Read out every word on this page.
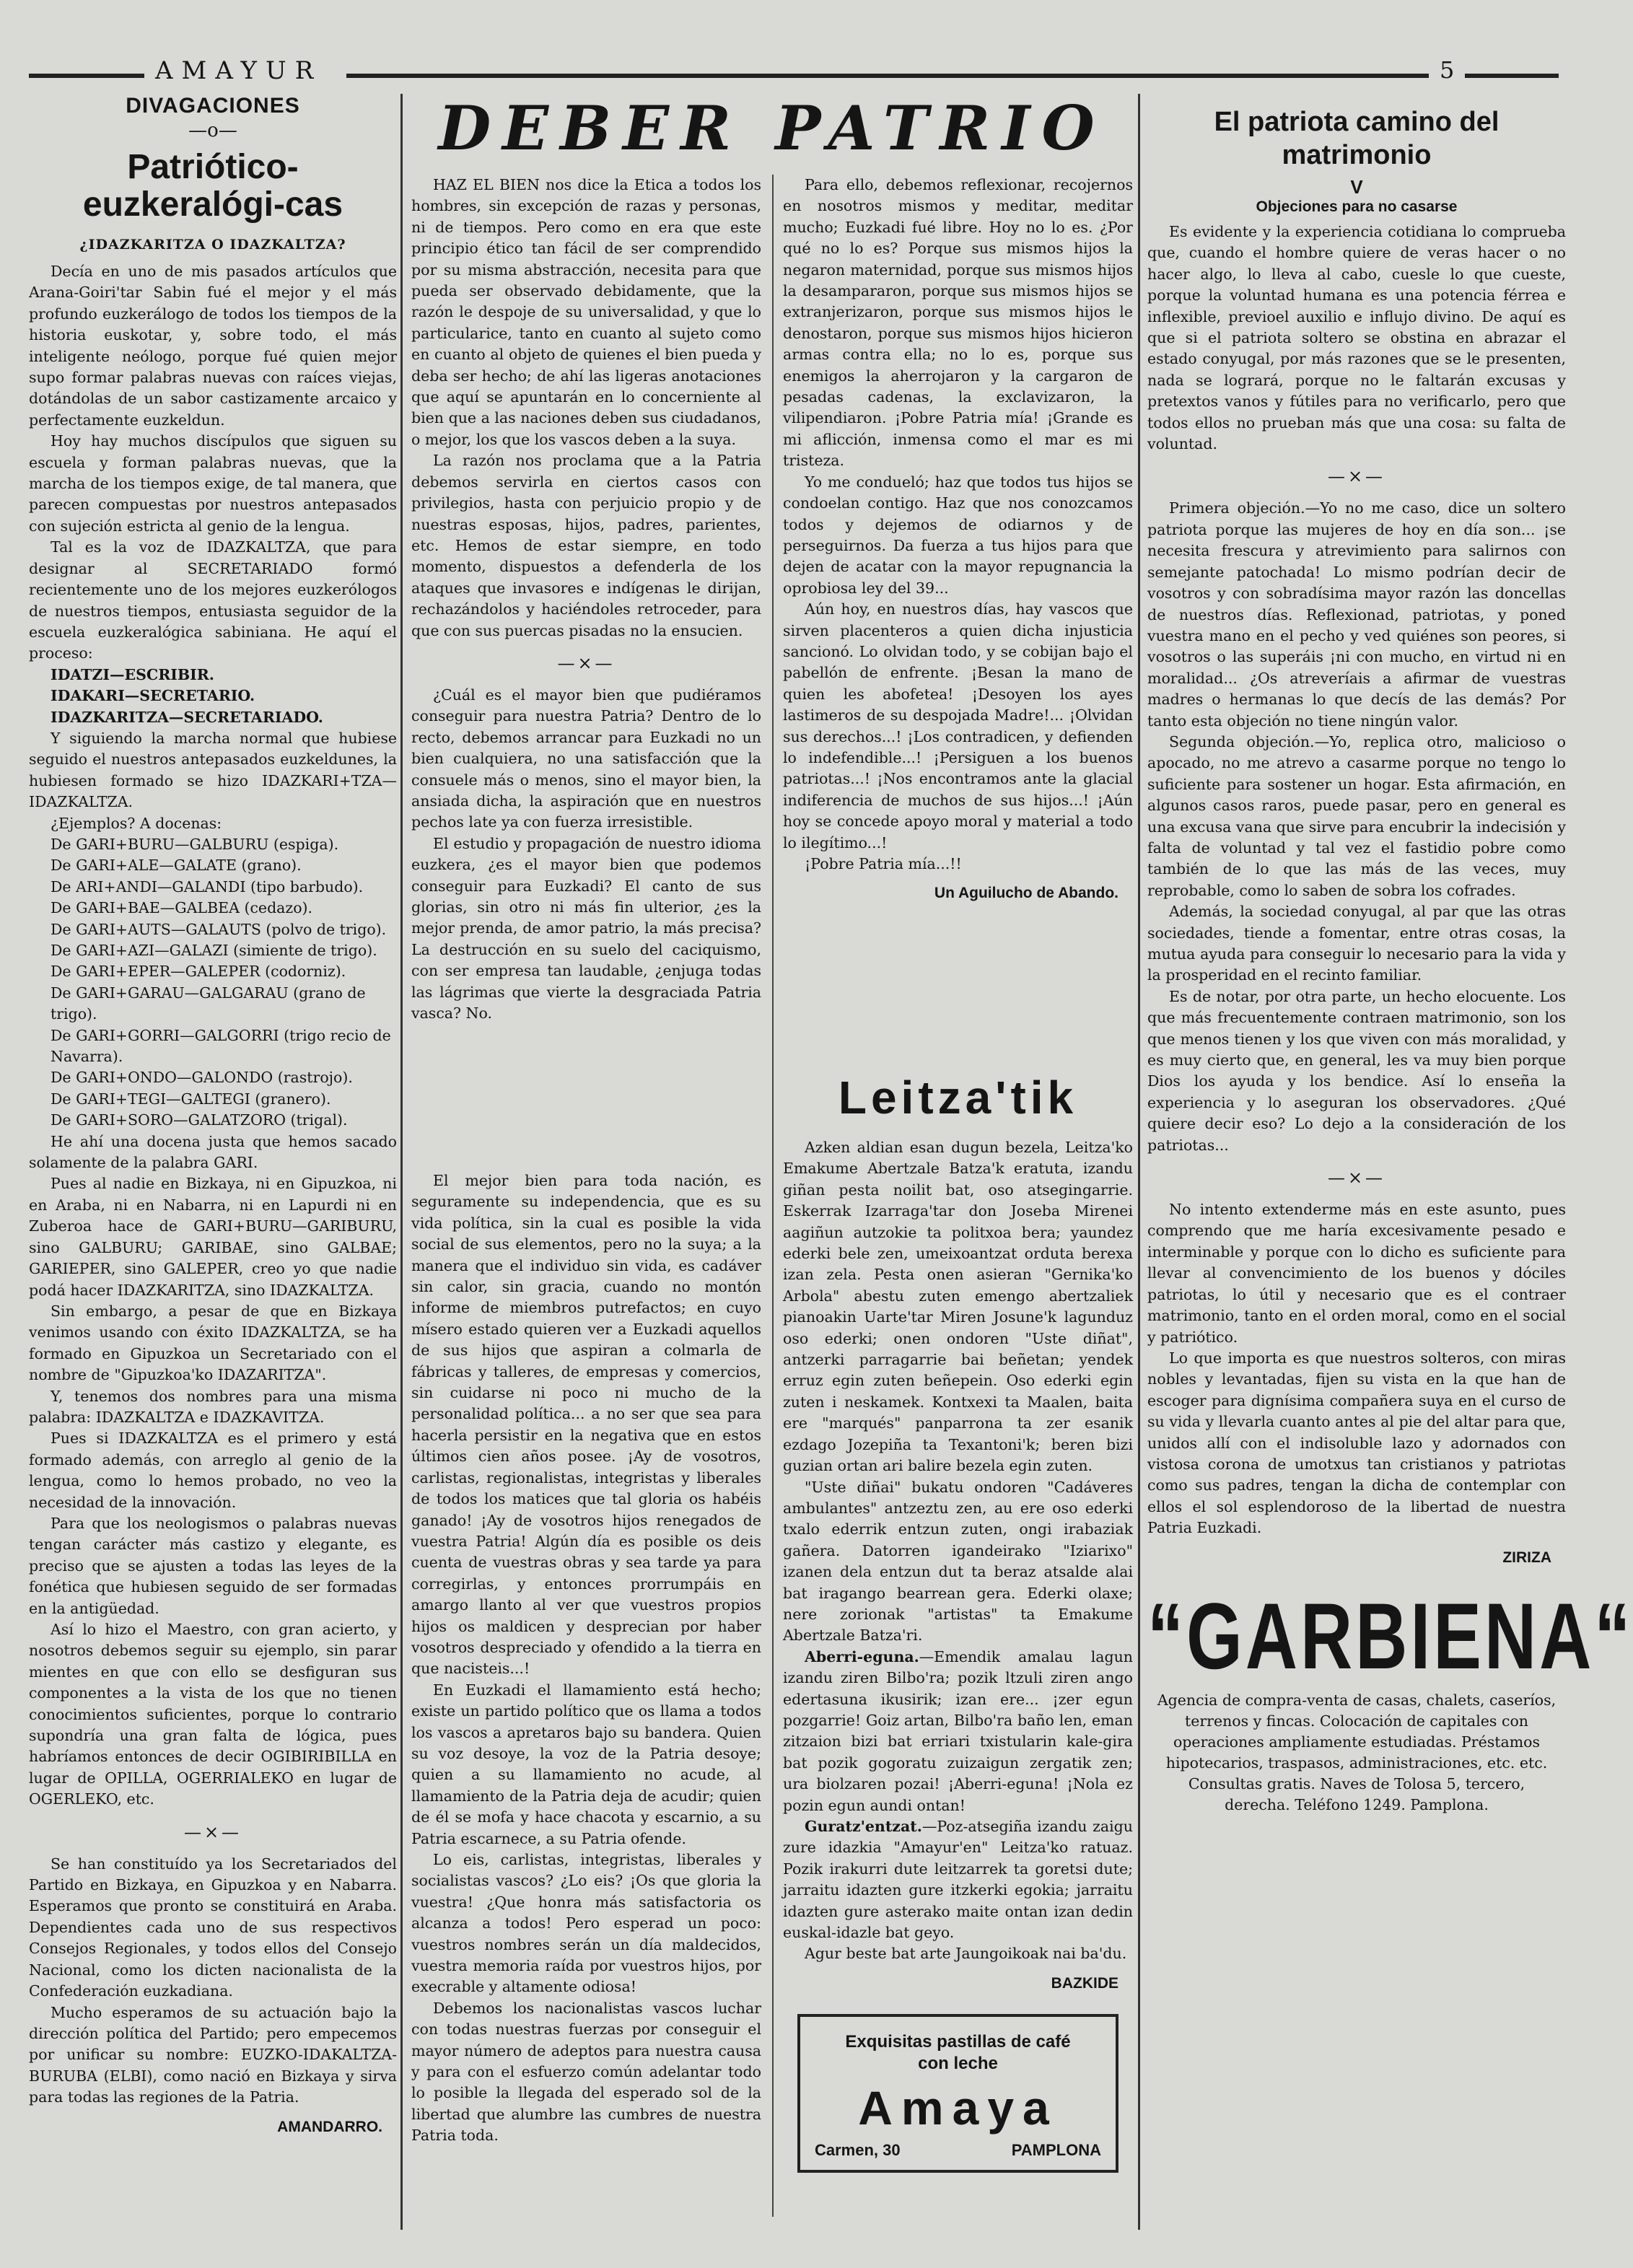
AMAYUR	5
DIVAGACIONES
—o—
Patriótico-euzkeralógi-cas
¿IDAZKARITZA O IDAZKALTZA?

Decía en uno de mis pasados artículos que Arana-Goiri'tar Sabin fué el mejor y el más profundo euzkerálogo de todos los tiempos de la historia euskotar, y, sobre todo, el más inteligente neólogo, porque fué quien mejor supo formar palabras nuevas con raíces viejas, dotándolas de un sabor castizamente arcaico y perfectamente euzkeldun.

Hoy hay muchos discípulos que siguen su escuela y forman palabras nuevas, que la marcha de los tiempos exige, de tal manera, que parecen compuestas por nuestros antepasados con sujeción estricta al genio de la lengua.

Tal es la voz de IDAZKALTZA, que para designar al SECRETARIADO formó recientemente uno de los mejores euzkerólogos de nuestros tiempos, entusiasta seguidor de la escuela euzkeralógica sabiniana. He aquí el proceso:

IDATZI—ESCRIBIR.

IDAKARI—SECRETARIO.

IDAZKARITZA—SECRETARIADO.

Y siguiendo la marcha normal que hubiese seguido el nuestros antepasados euzkeldunes, la hubiesen formado se hizo IDAZKARI+TZA—IDAZKALTZA.

¿Ejemplos? A docenas:

De GARI+BURU—GALBURU (espiga).

De GARI+ALE—GALATE (grano).

De ARI+ANDI—GALANDI (tipo barbudo).

De GARI+BAE—GALBEA (cedazo).

De GARI+AUTS—GALAUTS (polvo de trigo).

De GARI+AZI—GALAZI (simiente de trigo).

De GARI+EPER—GALEPER (codorniz).

De GARI+GARAU—GALGARAU (grano de trigo).

De GARI+GORRI—GALGORRI (trigo recio de Navarra).

De GARI+ONDO—GALONDO (rastrojo).

De GARI+TEGI—GALTEGI (granero).

De GARI+SORO—GALATZORO (trigal).

He ahí una docena justa que hemos sacado solamente de la palabra GARI.

Pues al nadie en Bizkaya, ni en Gipuzkoa, ni en Araba, ni en Nabarra, ni en Lapurdi ni en Zuberoa hace de GARI+BURU—GARIBURU, sino GALBURU; GARIBAE, sino GALBAE; GARIEPER, sino GALEPER, creo yo que nadie podá hacer IDAZKARITZA, sino IDAZKALTZA.

Sin embargo, a pesar de que en Bizkaya venimos usando con éxito IDAZKALTZA, se ha formado en Gipuzkoa un Secretariado con el nombre de "Gipuzkoa'ko IDAZARITZA".

Y, tenemos dos nombres para una misma palabra: IDAZKALTZA e IDAZKAVITZA.

Pues si IDAZKALTZA es el primero y está formado además, con arreglo al genio de la lengua, como lo hemos probado, no veo la necesidad de la innovación.

Para que los neologismos o palabras nuevas tengan carácter más castizo y elegante, es preciso que se ajusten a todas las leyes de la fonética que hubiesen seguido de ser formadas en la antigüedad.

Así lo hizo el Maestro, con gran acierto, y nosotros debemos seguir su ejemplo, sin parar mientes en que con ello se desfiguran sus componentes a la vista de los que no tienen conocimientos suficientes, porque lo contrario supondría una gran falta de lógica, pues habríamos entonces de decir OGIBIRIBILLA en lugar de OPILLA, OGERRIALEKO en lugar de OGERLEKO, etc.

—×—

Se han constituído ya los Secretariados del Partido en Bizkaya, en Gipuzkoa y en Nabarra. Esperamos que pronto se constituirá en Araba. Dependientes cada uno de sus respectivos Consejos Regionales, y todos ellos del Consejo Nacional, como los dicten nacionalista de la Confederación euzkadiana.

Mucho esperamos de su actuación bajo la dirección política del Partido; pero empecemos por unificar su nombre: EUZKO-IDAKALTZA-BURUBA (ELBI), como nació en Bizkaya y sirva para todas las regiones de la Patria.

AMANDARRO.
DEBER PATRIO

HAZ EL BIEN nos dice la Etica a todos los hombres, sin excepción de razas y personas, ni de tiempos. Pero como en era que este principio ético tan fácil de ser comprendido por su misma abstracción, necesita para que pueda ser observado debidamente, que la razón le despoje de su universalidad, y que lo particularice, tanto en cuanto al sujeto como en cuanto al objeto de quienes el bien pueda y deba ser hecho; de ahí las ligeras anotaciones que aquí se apuntarán en lo concerniente al bien que a las naciones deben sus ciudadanos, o mejor, los que los vascos deben a la suya.

La razón nos proclama que a la Patria debemos servirla en ciertos casos con privilegios, hasta con perjuicio propio y de nuestras esposas, hijos, padres, parientes, etc. Hemos de estar siempre, en todo momento, dispuestos a defenderla de los ataques que invasores e indígenas le dirijan, rechazándolos y haciéndoles retroceder, para que con sus puercas pisadas no la ensucien.

—×—

¿Cuál es el mayor bien que pudiéramos conseguir para nuestra Patria? Dentro de lo recto, debemos arrancar para Euzkadi no un bien cualquiera, no una satisfacción que la consuele más o menos, sino el mayor bien, la ansiada dicha, la aspiración que en nuestros pechos late ya con fuerza irresistible.

El estudio y propagación de nuestro idioma euzkera, ¿es el mayor bien que podemos conseguir para Euzkadi? El canto de sus glorias, sin otro ni más fin ulterior, ¿es la mejor prenda, de amor patrio, la más precisa? La destrucción en su suelo del caciquismo, con ser empresa tan laudable, ¿enjuga todas las lágrimas que vierte la desgraciada Patria vasca? No.

Para ello, debemos reflexionar, recojernos en nosotros mismos y meditar, meditar mucho; Euzkadi fué libre. Hoy no lo es. ¿Por qué no lo es? Porque sus mismos hijos la negaron maternidad, porque sus mismos hijos la desampararon, porque sus mismos hijos se extranjerizaron, porque sus mismos hijos le denostaron, porque sus mismos hijos hicieron armas contra ella; no lo es, porque sus enemigos la aherrojaron y la cargaron de pesadas cadenas, la exclavizaron, la vilipendiaron. ¡Pobre Patria mía! ¡Grande es mi aflicción, inmensa como el mar es mi tristeza.

Yo me condueló; haz que todos tus hijos se condoelan contigo. Haz que nos conozcamos todos y dejemos de odiarnos y de perseguirnos. Da fuerza a tus hijos para que dejen de acatar con la mayor repugnancia la oprobiosa ley del 39...

Aún hoy, en nuestros días, hay vascos que sirven placenteros a quien dicha injusticia sancionó. Lo olvidan todo, y se cobijan bajo el pabellón de enfrente. ¡Besan la mano de quien les abofetea! ¡Desoyen los ayes lastimeros de su despojada Madre!... ¡Olvidan sus derechos...! ¡Los contradicen, y defienden lo indefendible...! ¡Persiguen a los buenos patriotas...! ¡Nos encontramos ante la glacial indiferencia de muchos de sus hijos...! ¡Aún hoy se concede apoyo moral y material a todo lo ilegítimo...!

¡Pobre Patria mía...!!

Un Aguilucho de Abando.

El mejor bien para toda nación, es seguramente su independencia, que es su vida política, sin la cual es posible la vida social de sus elementos, pero no la suya; a la manera que el individuo sin vida, es cadáver sin calor, sin gracia, cuando no montón informe de miembros putrefactos; en cuyo mísero estado quieren ver a Euzkadi aquellos de sus hijos que aspiran a colmarla de fábricas y talleres, de empresas y comercios, sin cuidarse ni poco ni mucho de la personalidad política... a no ser que sea para hacerla persistir en la negativa que en estos últimos cien años posee. ¡Ay de vosotros, carlistas, regionalistas, integristas y liberales de todos los matices que tal gloria os habéis ganado! ¡Ay de vosotros hijos renegados de vuestra Patria! Algún día es posible os deis cuenta de vuestras obras y sea tarde ya para corregirlas, y entonces prorrumpáis en amargo llanto al ver que vuestros propios hijos os maldicen y desprecian por haber vosotros despreciado y ofendido a la tierra en que nacisteis...!

En Euzkadi el llamamiento está hecho; existe un partido político que os llama a todos los vascos a apretaros bajo su bandera. Quien su voz desoye, la voz de la Patria desoye; quien a su llamamiento no acude, al llamamiento de la Patria deja de acudir; quien de él se mofa y hace chacota y escarnio, a su Patria escarnece, a su Patria ofende.

Lo eis, carlistas, integristas, liberales y socialistas vascos? ¿Lo eis? ¡Os que gloria la vuestra! ¿Que honra más satisfactoria os alcanza a todos! Pero esperad un poco: vuestros nombres serán un día maldecidos, vuestra memoria raída por vuestros hijos, por execrable y altamente odiosa!

Debemos los nacionalistas vascos luchar con todas nuestras fuerzas por conseguir el mayor número de adeptos para nuestra causa y para con el esfuerzo común adelantar todo lo posible la llegada del esperado sol de la libertad que alumbre las cumbres de nuestra Patria toda.

Leitza'tik

Azken aldian esan dugun bezela, Leitza'ko Emakume Abertzale Batza'k eratuta, izandu giñan pesta noilit bat, oso atsegingarrie. Eskerrak Izarraga'tar don Joseba Mirenei aagiñun autzokie ta politxoa bera; yaundez ederki bele zen, umeixoantzat orduta berexa izan zela. Pesta onen asieran "Gernika'ko Arbola" abestu zuten emengo abertzaliek pianoakin Uarte'tar Miren Josune'k lagunduz oso ederki; onen ondoren "Uste diñat", antzerki parragarrie bai beñetan; yendek erruz egin zuten beñepein. Oso ederki egin zuten i neskamek. Kontxexi ta Maalen, baita ere "marqués" panparrona ta zer esanik ezdago Jozepiña ta Texantoni'k; beren bizi guzian ortan ari balire bezela egin zuten.

"Uste diñai" bukatu ondoren "Cadáveres ambulantes" antzeztu zen, au ere oso ederki txalo ederrik entzun zuten, ongi irabaziak gañera. Datorren igandeirako "Iziarixo" izanen dela entzun dut ta beraz atsalde alai bat iragango bearrean gera. Ederki olaxe; nere zorionak "artistas" ta Emakume Abertzale Batza'ri.

Aberri-eguna.—Emendik amalau lagun izandu ziren Bilbo'ra; pozik ltzuli ziren ango edertasuna ikusirik; izan ere... ¡zer egun pozgarrie! Goiz artan, Bilbo'ra baño len, eman zitzaion bizi bat erriari txistularin kale-gira bat pozik gogoratu zuizaigun zergatik zen; ura biolzaren pozai! ¡Aberri-eguna! ¡Nola ez pozin egun aundi ontan!

Guratz'entzat.—Poz-atsegiña izandu zaigu zure idazkia "Amayur'en" Leitza'ko ratuaz. Pozik irakurri dute leitzarrek ta goretsi dute; jarraitu idazten gure itzkerki egokia; jarraitu idazten gure asterako maite ontan izan dedin euskal-idazle bat geyo.

Agur beste bat arte Jaungoikoak nai ba'du.

BAZKIDE
Exquisitas pastillas de café
con leche
Amaya
Carmen, 30	PAMPLONA
El patriota camino del matrimonio
V
Objeciones para no casarse

Es evidente y la experiencia cotidiana lo comprueba que, cuando el hombre quiere de veras hacer o no hacer algo, lo lleva al cabo, cuesle lo que cueste, porque la voluntad humana es una potencia férrea e inflexible, previoel auxilio e influjo divino. De aquí es que si el patriota soltero se obstina en abrazar el estado conyugal, por más razones que se le presenten, nada se logrará, porque no le faltarán excusas y pretextos vanos y fútiles para no verificarlo, pero que todos ellos no prueban más que una cosa: su falta de voluntad.

—×—

Primera objeción.—Yo no me caso, dice un soltero patriota porque las mujeres de hoy en día son... ¡se necesita frescura y atrevimiento para salirnos con semejante patochada! Lo mismo podrían decir de vosotros y con sobradísima mayor razón las doncellas de nuestros días. Reflexionad, patriotas, y poned vuestra mano en el pecho y ved quiénes son peores, si vosotros o las superáis ¡ni con mucho, en virtud ni en moralidad... ¿Os atreveríais a afirmar de vuestras madres o hermanas lo que decís de las demás? Por tanto esta objeción no tiene ningún valor.

Segunda objeción.—Yo, replica otro, malicioso o apocado, no me atrevo a casarme porque no tengo lo suficiente para sostener un hogar. Esta afirmación, en algunos casos raros, puede pasar, pero en general es una excusa vana que sirve para encubrir la indecisión y falta de voluntad y tal vez el fastidio pobre como también de lo que las más de las veces, muy reprobable, como lo saben de sobra los cofrades.

Además, la sociedad conyugal, al par que las otras sociedades, tiende a fomentar, entre otras cosas, la mutua ayuda para conseguir lo necesario para la vida y la prosperidad en el recinto familiar.

Es de notar, por otra parte, un hecho elocuente. Los que más frecuentemente contraen matrimonio, son los que menos tienen y los que viven con más moralidad, y es muy cierto que, en general, les va muy bien porque Dios los ayuda y los bendice. Así lo enseña la experiencia y lo aseguran los observadores. ¿Qué quiere decir eso? Lo dejo a la consideración de los patriotas...

—×—

No intento extenderme más en este asunto, pues comprendo que me haría excesivamente pesado e interminable y porque con lo dicho es suficiente para llevar al convencimiento de los buenos y dóciles patriotas, lo útil y necesario que es el contraer matrimonio, tanto en el orden moral, como en el social y patriótico.

Lo que importa es que nuestros solteros, con miras nobles y levantadas, fijen su vista en la que han de escoger para dignísima compañera suya en el curso de su vida y llevarla cuanto antes al pie del altar para que, unidos allí con el indisoluble lazo y adornados con vistosa corona de umotxus tan cristianos y patriotas como sus padres, tengan la dicha de contemplar con ellos el sol esplendoroso de la libertad de nuestra Patria Euzkadi.

ZIRIZA
“GARBIENA“

Agencia de compra-venta de casas, chalets, caseríos, terrenos y fincas. Colocación de capitales con operaciones ampliamente estudiadas. Préstamos hipotecarios, traspasos, administraciones, etc. etc. Consultas gratis. Naves de Tolosa 5, tercero, derecha. Teléfono 1249. Pamplona.
